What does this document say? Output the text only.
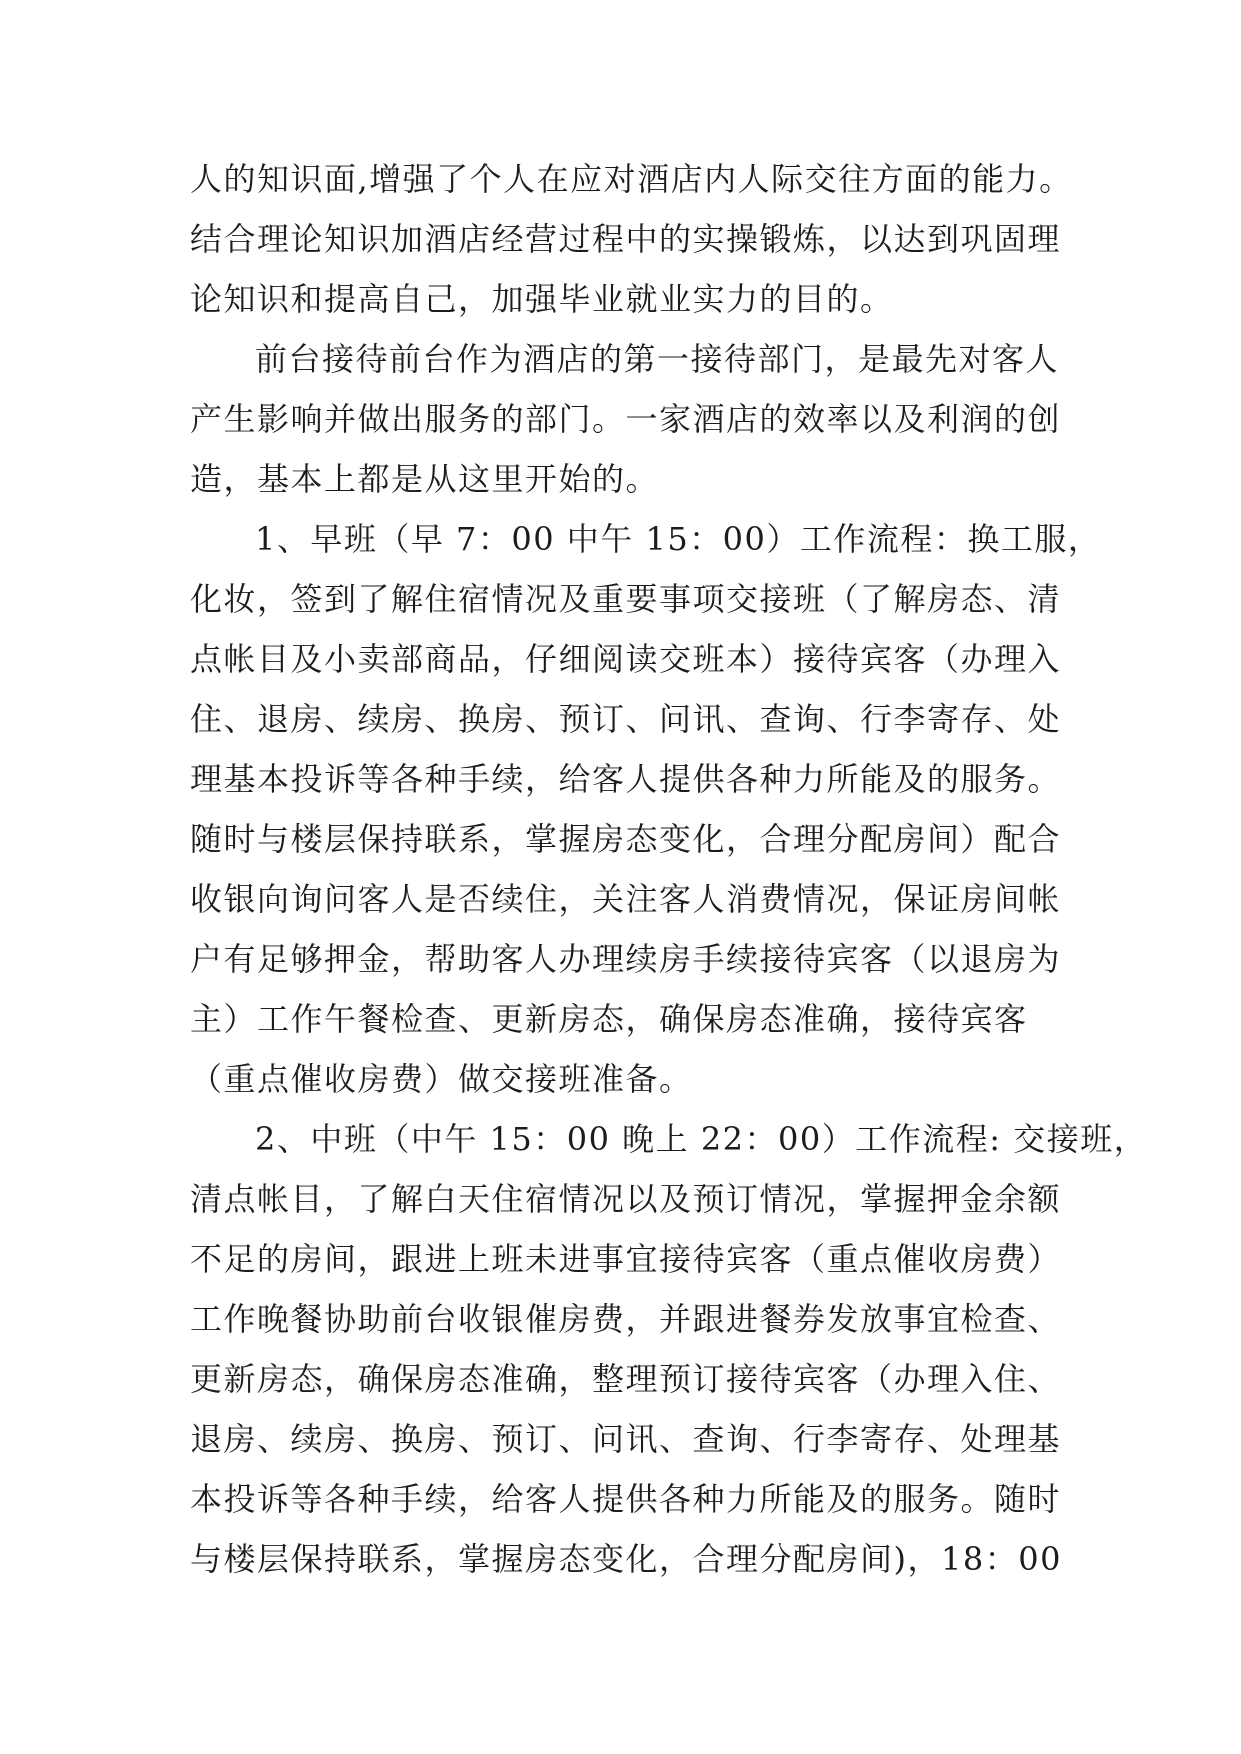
人的知识面,增强了个人在应对酒店内人际交往方面的能力。
结合理论知识加酒店经营过程中的实操锻炼，以达到巩固理
论知识和提高自己，加强毕业就业实力的目的。
前台接待前台作为酒店的第一接待部门，是最先对客人
产生影响并做出服务的部门。一家酒店的效率以及利润的创
造，基本上都是从这里开始的。
1、早班（早 7：00 中午 15：00）工作流程：换工服，
化妆，签到了解住宿情况及重要事项交接班（了解房态、清
点帐目及小卖部商品，仔细阅读交班本）接待宾客（办理入
住、退房、续房、换房、预订、问讯、查询、行李寄存、处
理基本投诉等各种手续，给客人提供各种力所能及的服务。
随时与楼层保持联系，掌握房态变化，合理分配房间）配合
收银向询问客人是否续住，关注客人消费情况，保证房间帐
户有足够押金，帮助客人办理续房手续接待宾客（以退房为
主）工作午餐检查、更新房态，确保房态准确，接待宾客
（重点催收房费）做交接班准备。
2、中班（中午 15：00 晚上 22：00）工作流程: 交接班，
清点帐目，了解白天住宿情况以及预订情况，掌握押金余额
不足的房间，跟进上班未进事宜接待宾客（重点催收房费）
工作晚餐协助前台收银催房费，并跟进餐券发放事宜检查、
更新房态，确保房态准确，整理预订接待宾客（办理入住、
退房、续房、换房、预订、问讯、查询、行李寄存、处理基
本投诉等各种手续，给客人提供各种力所能及的服务。随时
与楼层保持联系，掌握房态变化，合理分配房间)，18：00
